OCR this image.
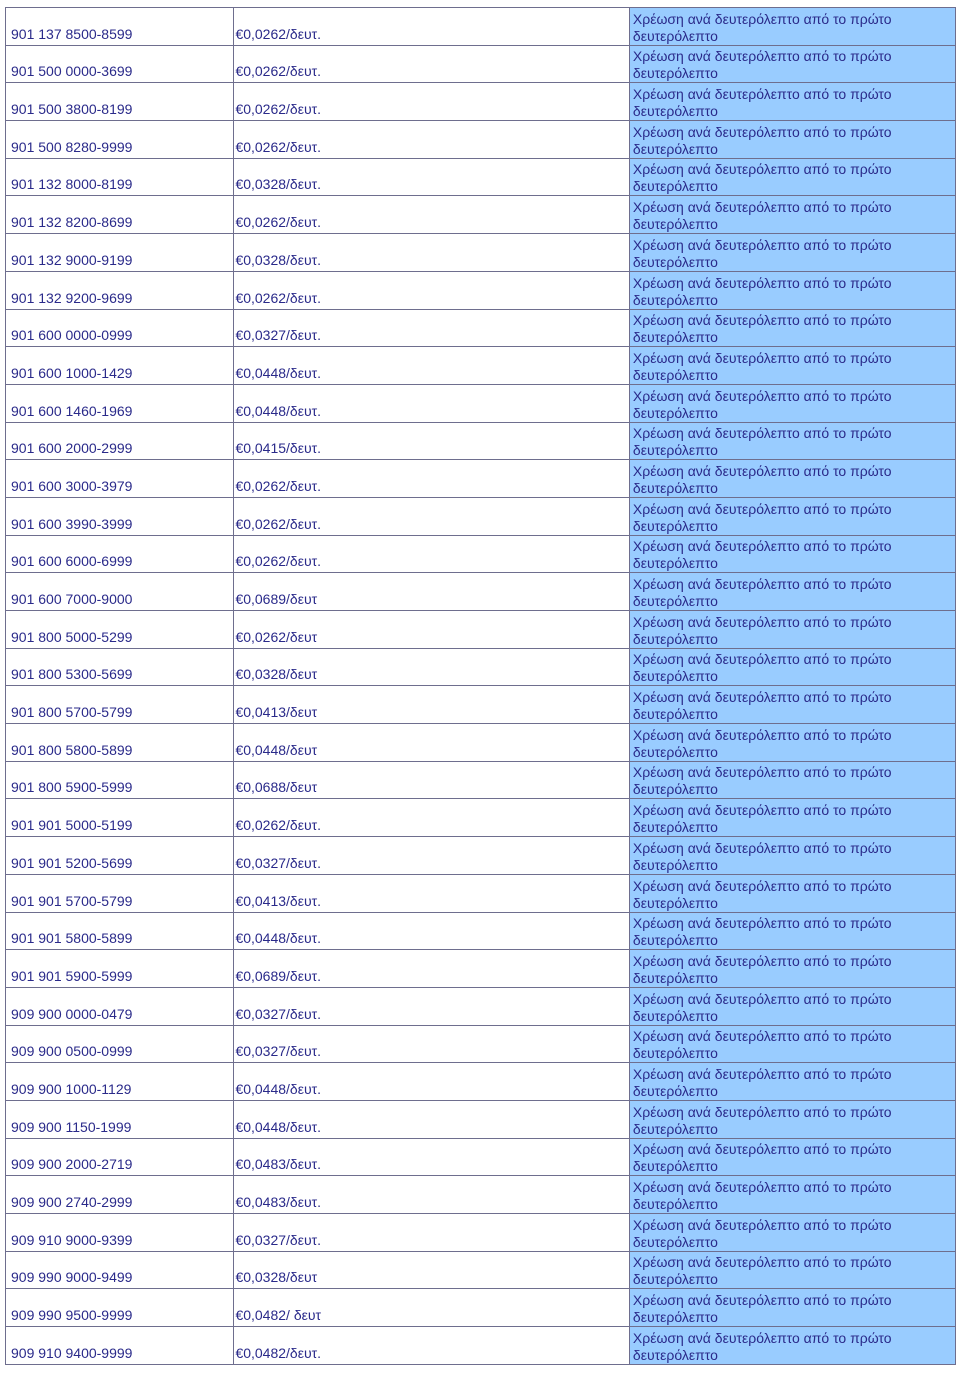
901 137 8500-8599	€0,0262/δευτ.	Χρέωση ανά δευτερόλεπτο από το πρώτο
δευτερόλεπτο

901 500 0000-3699	€0,0262/δευτ.	Χρέωση ανά δευτερόλεπτο από το πρώτο
δευτερόλεπτο

901 500 3800-8199	€0,0262/δευτ.	Χρέωση ανά δευτερόλεπτο από το πρώτο
δευτερόλεπτο

901 500 8280-9999	€0,0262/δευτ.	Χρέωση ανά δευτερόλεπτο από το πρώτο
δευτερόλεπτο

901 132 8000-8199	€0,0328/δευτ.	Χρέωση ανά δευτερόλεπτο από το πρώτο
δευτερόλεπτο

901 132 8200-8699	€0,0262/δευτ.	Χρέωση ανά δευτερόλεπτο από το πρώτο
δευτερόλεπτο

901 132 9000-9199	€0,0328/δευτ.	Χρέωση ανά δευτερόλεπτο από το πρώτο
δευτερόλεπτο

901 132 9200-9699	€0,0262/δευτ.	Χρέωση ανά δευτερόλεπτο από το πρώτο
δευτερόλεπτο

901 600 0000-0999	€0,0327/δευτ.	Χρέωση ανά δευτερόλεπτο από το πρώτο
δευτερόλεπτο

901 600 1000-1429	€0,0448/δευτ.	Χρέωση ανά δευτερόλεπτο από το πρώτο
δευτερόλεπτο

901 600 1460-1969	€0,0448/δευτ.	Χρέωση ανά δευτερόλεπτο από το πρώτο
δευτερόλεπτο

901 600 2000-2999	€0,0415/δευτ.	Χρέωση ανά δευτερόλεπτο από το πρώτο
δευτερόλεπτο

901 600 3000-3979	€0,0262/δευτ.	Χρέωση ανά δευτερόλεπτο από το πρώτο
δευτερόλεπτο

901 600 3990-3999	€0,0262/δευτ.	Χρέωση ανά δευτερόλεπτο από το πρώτο
δευτερόλεπτο

901 600 6000-6999	€0,0262/δευτ.	Χρέωση ανά δευτερόλεπτο από το πρώτο
δευτερόλεπτο

901 600 7000-9000	€0,0689/δευτ	Χρέωση ανά δευτερόλεπτο από το πρώτο
δευτερόλεπτο

901 800 5000-5299	€0,0262/δευτ	Χρέωση ανά δευτερόλεπτο από το πρώτο
δευτερόλεπτο

901 800 5300-5699	€0,0328/δευτ	Χρέωση ανά δευτερόλεπτο από το πρώτο
δευτερόλεπτο

901 800 5700-5799	€0,0413/δευτ	Χρέωση ανά δευτερόλεπτο από το πρώτο
δευτερόλεπτο

901 800 5800-5899	€0,0448/δευτ	Χρέωση ανά δευτερόλεπτο από το πρώτο
δευτερόλεπτο

901 800 5900-5999	€0,0688/δευτ	Χρέωση ανά δευτερόλεπτο από το πρώτο
δευτερόλεπτο

901 901 5000-5199	€0,0262/δευτ.	Χρέωση ανά δευτερόλεπτο από το πρώτο
δευτερόλεπτο

901 901 5200-5699	€0,0327/δευτ.	Χρέωση ανά δευτερόλεπτο από το πρώτο
δευτερόλεπτο

901 901 5700-5799	€0,0413/δευτ.	Χρέωση ανά δευτερόλεπτο από το πρώτο
δευτερόλεπτο

901 901 5800-5899	€0,0448/δευτ.	Χρέωση ανά δευτερόλεπτο από το πρώτο
δευτερόλεπτο

901 901 5900-5999	€0,0689/δευτ.	Χρέωση ανά δευτερόλεπτο από το πρώτο
δευτερόλεπτο

909 900 0000-0479	€0,0327/δευτ.	Χρέωση ανά δευτερόλεπτο από το πρώτο
δευτερόλεπτο

909 900 0500-0999	€0,0327/δευτ.	Χρέωση ανά δευτερόλεπτο από το πρώτο
δευτερόλεπτο

909 900 1000-1129	€0,0448/δευτ.	Χρέωση ανά δευτερόλεπτο από το πρώτο
δευτερόλεπτο

909 900 1150-1999	€0,0448/δευτ.	Χρέωση ανά δευτερόλεπτο από το πρώτο
δευτερόλεπτο

909 900 2000-2719	€0,0483/δευτ.	Χρέωση ανά δευτερόλεπτο από το πρώτο
δευτερόλεπτο

909 900 2740-2999	€0,0483/δευτ.	Χρέωση ανά δευτερόλεπτο από το πρώτο
δευτερόλεπτο

909 910 9000-9399	€0,0327/δευτ.	Χρέωση ανά δευτερόλεπτο από το πρώτο
δευτερόλεπτο

909 990 9000-9499	€0,0328/δευτ	Χρέωση ανά δευτερόλεπτο από το πρώτο
δευτερόλεπτο

909 990 9500-9999	€0,0482/ δευτ	Χρέωση ανά δευτερόλεπτο από το πρώτο
δευτερόλεπτο

909 910 9400-9999	€0,0482/δευτ.	Χρέωση ανά δευτερόλεπτο από το πρώτο
δευτερόλεπτο
